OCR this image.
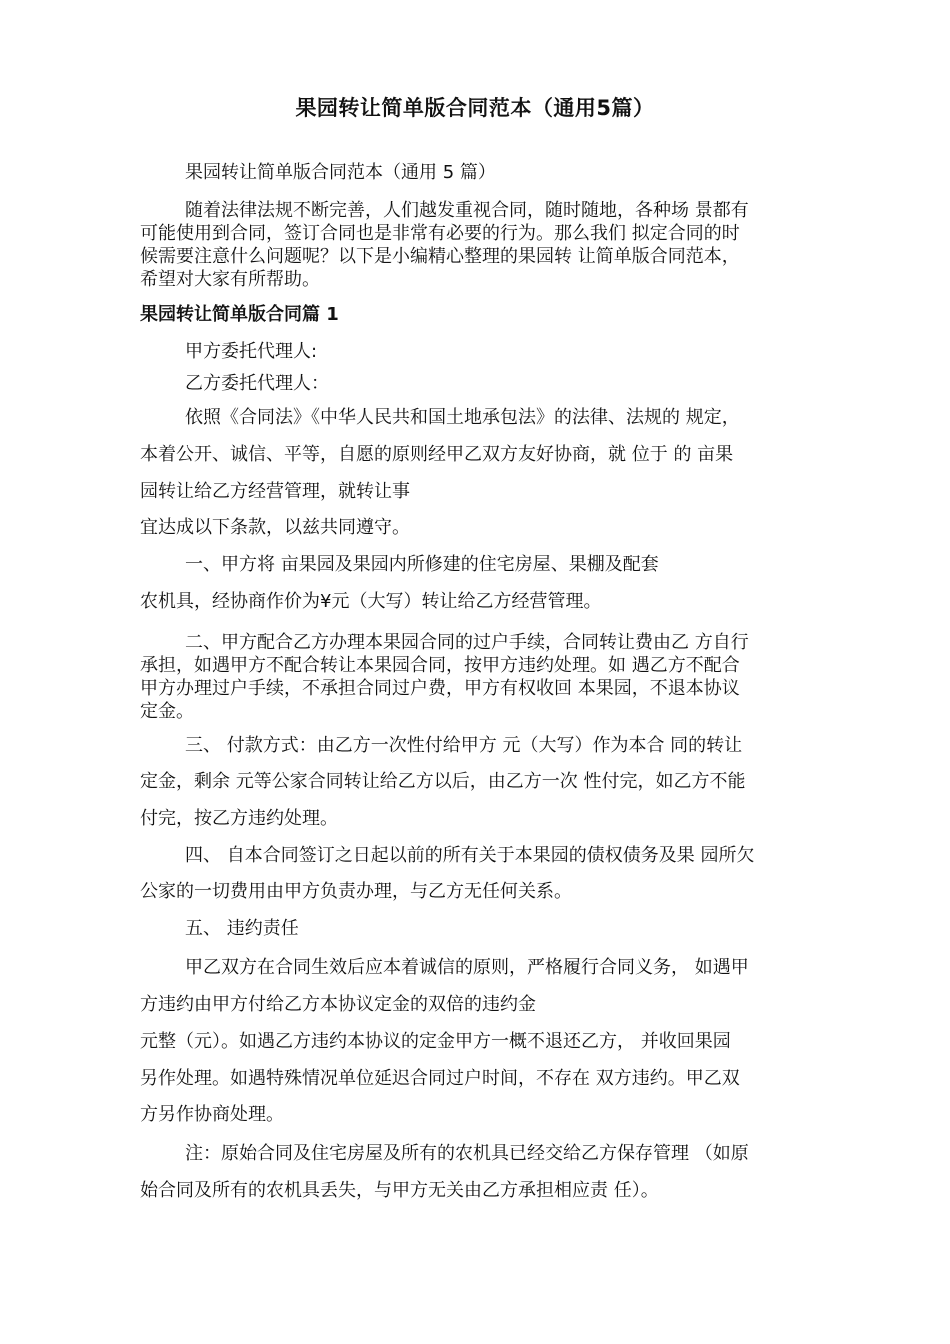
果园转让简单版合同范本（通用5篇）
果园转让简单版合同范本（通用 5 篇）
随着法律法规不断完善，人们越发重视合同，随时随地，各种场 景都有
可能使用到合同，签订合同也是非常有必要的行为。那么我们 拟定合同的时
候需要注意什么问题呢？以下是小编精心整理的果园转 让简单版合同范本，
希望对大家有所帮助。
果园转让简单版合同篇 1
甲方委托代理人:
乙方委托代理人：
依照《合同法》《中华人民共和国土地承包法》的法律、法规的 规定，
本着公开、诚信、平等，自愿的原则经甲乙双方友好协商，就 位于 的 亩果
园转让给乙方经营管理，就转让事
宜达成以下条款，以兹共同遵守。
一、甲方将 亩果园及果园内所修建的住宅房屋、果棚及配套
农机具，经协商作价为¥元（大写）转让给乙方经营管理。
二、甲方配合乙方办理本果园合同的过户手续，合同转让费由乙 方自行
承担，如遇甲方不配合转让本果园合同，按甲方违约处理。如 遇乙方不配合
甲方办理过户手续，不承担合同过户费，甲方有权收回 本果园，不退本协议
定金。
三、 付款方式：由乙方一次性付给甲方 元（大写）作为本合 同的转让
定金，剩余 元等公家合同转让给乙方以后，由乙方一次 性付完，如乙方不能
付完，按乙方违约处理。
四、 自本合同签订之日起以前的所有关于本果园的债权债务及果 园所欠
公家的一切费用由甲方负责办理，与乙方无任何关系。
五、 违约责任
甲乙双方在合同生效后应本着诚信的原则，严格履行合同义务， 如遇甲
方违约由甲方付给乙方本协议定金的双倍的违约金
元整（元）。如遇乙方违约本协议的定金甲方一概不退还乙方， 并收回果园
另作处理。如遇特殊情况单位延迟合同过户时间，不存在 双方违约。甲乙双
方另作协商处理。
注：原始合同及住宅房屋及所有的农机具已经交给乙方保存管理 （如原
始合同及所有的农机具丢失，与甲方无关由乙方承担相应责 任）。
